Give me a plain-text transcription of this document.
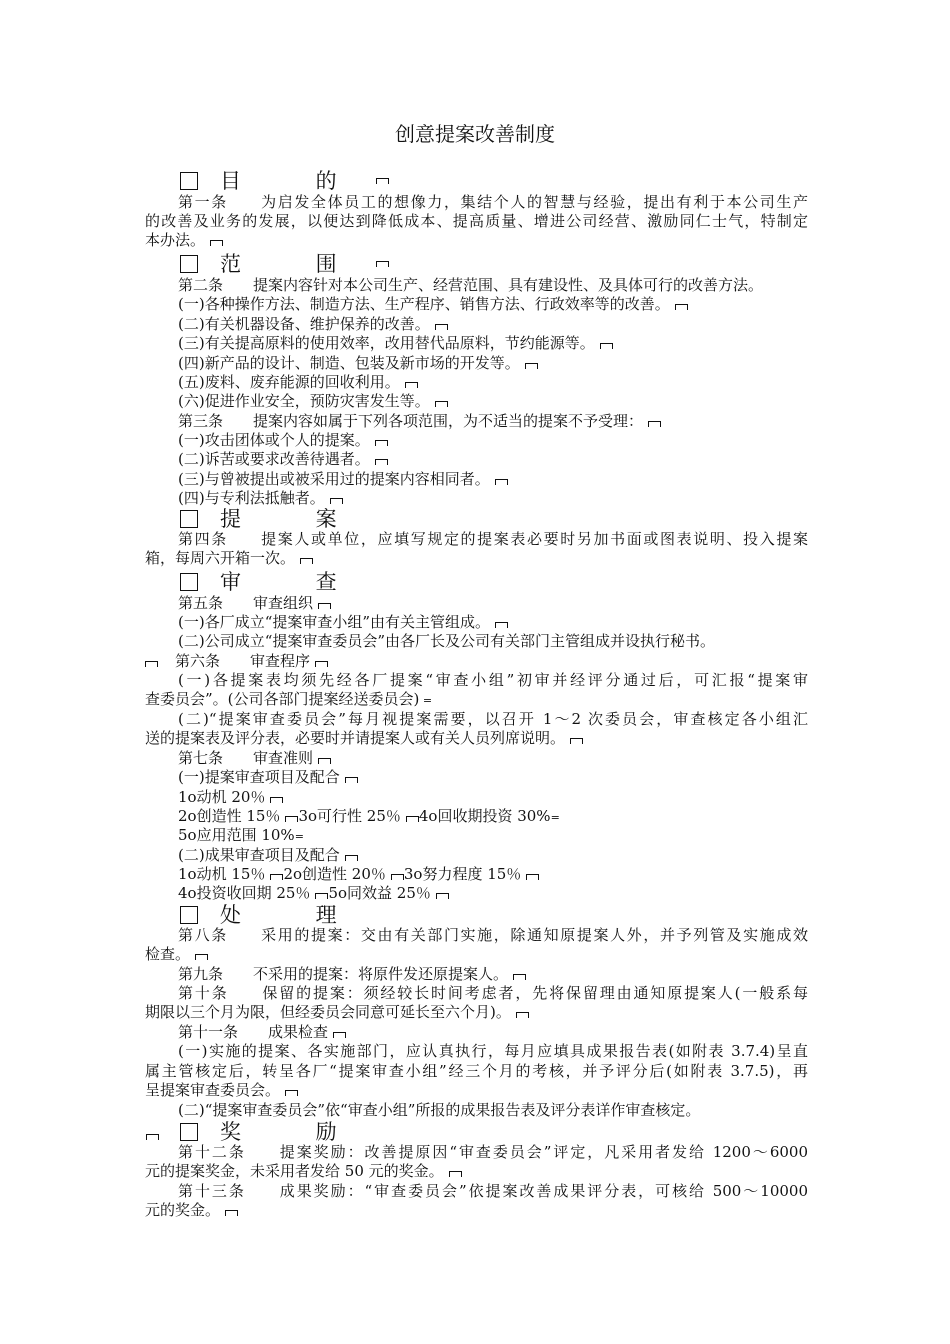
创意提案改善制度
目 的
第一条　　为启发全体员工的想像力，集结个人的智慧与经验，提出有利于本公司生产
的改善及业务的发展，以便达到降低成本、提高质量、增进公司经营、激励同仁士气，特制定
本办法。
范 围
第二条　　提案内容针对本公司生产、经营范围、具有建设性、及具体可行的改善方法。
(一)各种操作方法、制造方法、生产程序、销售方法、行政效率等的改善。
(二)有关机器设备、维护保养的改善。
(三)有关提高原料的使用效率，改用替代品原料，节约能源等。
(四)新产品的设计、制造、包装及新市场的开发等。
(五)废料、废弃能源的回收利用。
(六)促进作业安全，预防灾害发生等。
第三条　　提案内容如属于下列各项范围，为不适当的提案不予受理：
(一)攻击团体或个人的提案。
(二)诉苦或要求改善待遇者。
(三)与曾被提出或被采用过的提案内容相同者。
(四)与专利法抵触者。
提 案
第四条　　提案人或单位，应填写规定的提案表必要时另加书面或图表说明、投入提案
箱，每周六开箱一次。
审 查
第五条　　审查组织
(一)各厂成立“提案审查小组”由有关主管组成。
(二)公司成立“提案审查委员会”由各厂长及公司有关部门主管组成并设执行秘书。
第六条　　审查程序
(一)各提案表均须先经各厂提案“审查小组”初审并经评分通过后，可汇报“提案审
查委员会”。(公司各部门提案经送委员会) =
(二)“提案审查委员会”每月视提案需要，以召开 1～2 次委员会，审查核定各小组汇
送的提案表及评分表，必要时并请提案人或有关人员列席说明。
第七条　　审查准则
(一)提案审查项目及配合
1o动机 20％
2o创造性 15％ 3o可行性 25％ 4o回收期投资 30%=
5o应用范围 10%=
(二)成果审查项目及配合
1o动机 15％ 2o创造性 20％ 3o努力程度 15％
4o投资收回期 25％ 5o同效益 25％
处 理
第八条　　采用的提案：交由有关部门实施，除通知原提案人外，并予列管及实施成效
检查。
第九条　　不采用的提案：将原件发还原提案人。
第十条　　保留的提案：须经较长时间考虑者，先将保留理由通知原提案人(一般系每
期限以三个月为限，但经委员会同意可延长至六个月)。
第十一条　　成果检查
(一)实施的提案、各实施部门，应认真执行，每月应填具成果报告表(如附表 3.7.4)呈直
属主管核定后，转呈各厂“提案审查小组”经三个月的考核，并予评分后(如附表 3.7.5)，再
呈提案审查委员会。
(二)“提案审查委员会”依“审查小组”所报的成果报告表及评分表详作审查核定。
奖 励
第十二条　　提案奖励：改善提原因“审查委员会”评定，凡采用者发给 1200～6000
元的提案奖金，未采用者发给 50 元的奖金。
第十三条　　成果奖励：“审查委员会”依提案改善成果评分表，可核给 500～10000
元的奖金。
